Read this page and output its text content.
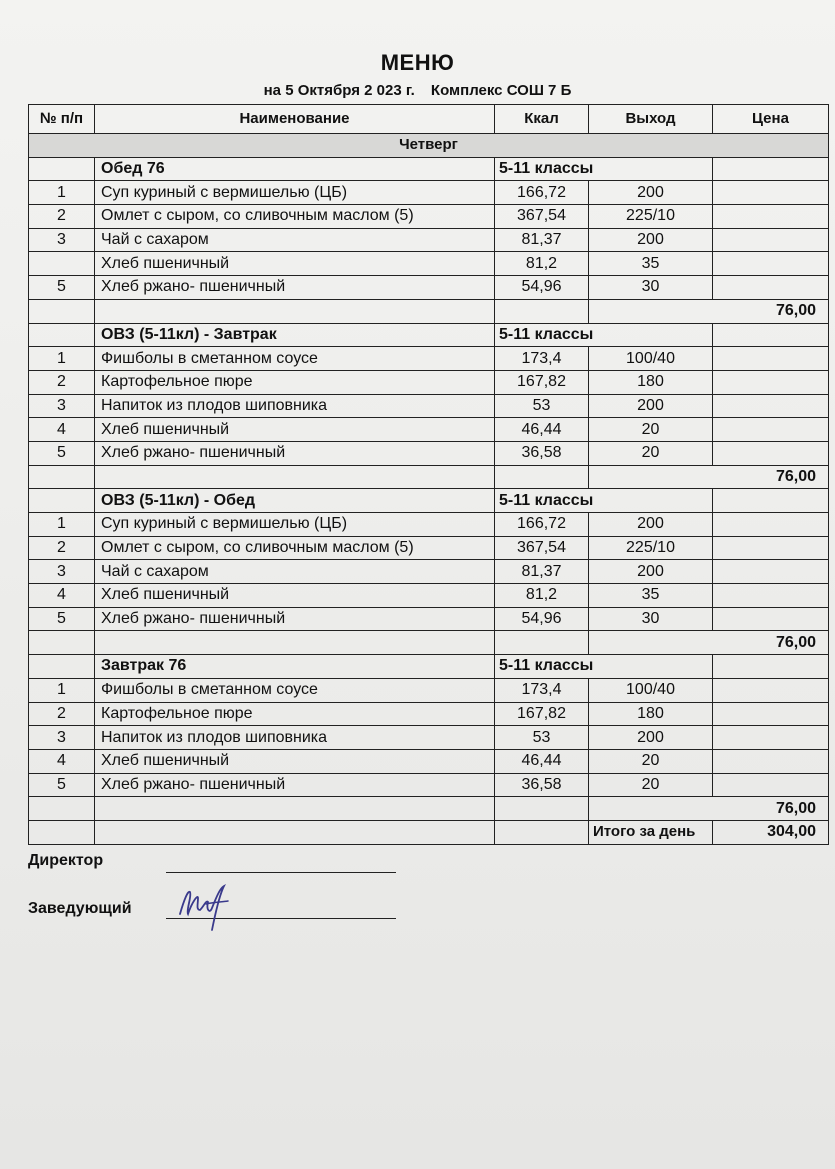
МЕНЮ
на 5 Октября 2 023 г. Комплекс СОШ 7 Б
№ п/п	Наименование	Ккал	Выход	Цена
Четверг				
	Обед 76	5-11 классы		
1	Суп куриный с вермишелью (ЦБ)	166,72	200	
2	Омлет с сыром, со сливочным маслом (5)	367,54	225/10	
3	Чай с сахаром	81,37	200	
	Хлеб пшеничный	81,2	35	
5	Хлеб ржано- пшеничный	54,96	30	
			76,00	
	ОВЗ (5-11кл) - Завтрак	5-11 классы		
1	Фишболы в сметанном соусе	173,4	100/40	
2	Картофельное пюре	167,82	180	
3	Напиток из плодов шиповника	53	200	
4	Хлеб пшеничный	46,44	20	
5	Хлеб ржано- пшеничный	36,58	20	
			76,00	
	ОВЗ (5-11кл) - Обед	5-11 классы		
1	Суп куриный с вермишелью (ЦБ)	166,72	200	
2	Омлет с сыром, со сливочным маслом (5)	367,54	225/10	
3	Чай с сахаром	81,37	200	
4	Хлеб пшеничный	81,2	35	
5	Хлеб ржано- пшеничный	54,96	30	
			76,00	
	Завтрак 76	5-11 классы		
1	Фишболы в сметанном соусе	173,4	100/40	
2	Картофельное пюре	167,82	180	
3	Напиток из плодов шиповника	53	200	
4	Хлеб пшеничный	46,44	20	
5	Хлеб ржано- пшеничный	36,58	20	
			76,00	
			Итого за день	304,00
Директор
Заведующий
